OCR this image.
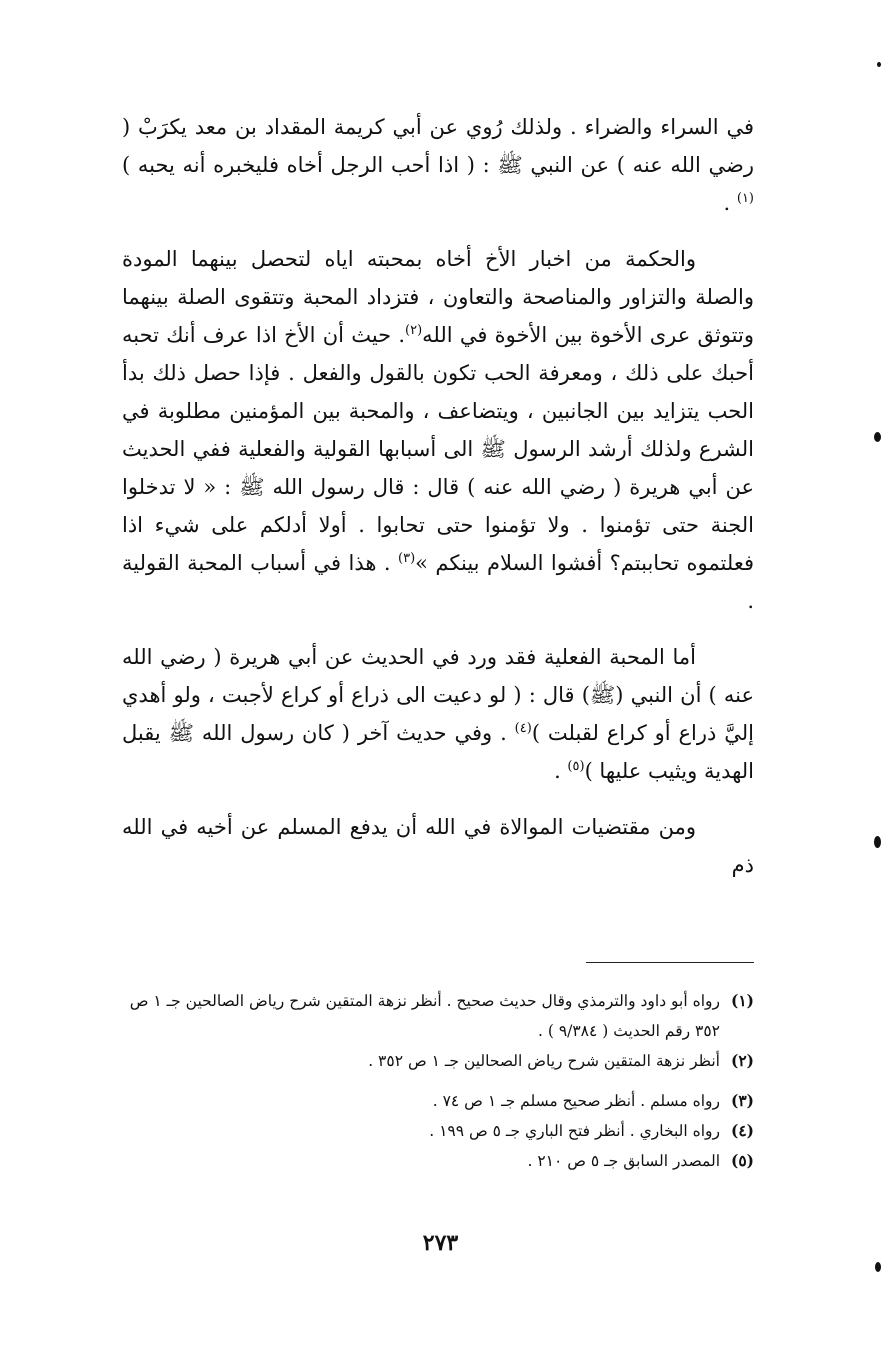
في السراء والضراء . ولذلك رُوي عن أبي كريمة المقداد بن معد يكرَبْ ( رضي الله عنه ) عن النبي ﷺ : ( اذا أحب الرجل أخاه فليخبره أنه يحبه )$^{(١)}$ .

والحكمة من اخبار الأخ أخاه بمحبته اياه لتحصل بينهما المودة والصلة والتزاور والمناصحة والتعاون ، فتزداد المحبة وتتقوى الصلة بينهما وتتوثق عرى الأخوة بين الأخوة في الله$^{(٢)}$. حيث أن الأخ اذا عرف أنك تحبه أحبك على ذلك ، ومعرفة الحب تكون بالقول والفعل . فإذا حصل ذلك بدأ الحب يتزايد بين الجانبين ، ويتضاعف ، والمحبة بين المؤمنين مطلوبة في الشرع ولذلك أرشد الرسول ﷺ الى أسبابها القولية والفعلية ففي الحديث عن أبي هريرة ( رضي الله عنه ) قال : قال رسول الله ﷺ : « لا تدخلوا الجنة حتى تؤمنوا . ولا تؤمنوا حتى تحابوا . أولا أدلكم على شيء اذا فعلتموه تحاببتم؟ أفشوا السلام بينكم »$^{(٣)}$ . هذا في أسباب المحبة القولية .

أما المحبة الفعلية فقد ورد في الحديث عن أبي هريرة ( رضي الله عنه ) أن النبي (ﷺ) قال : ( لو دعيت الى ذراع أو كراع لأجبت ، ولو أهدي إليَّ ذراع أو كراع لقبلت )$^{(٤)}$ . وفي حديث آخر ( كان رسول الله ﷺ يقبل الهدية ويثيب عليها )$^{(٥)}$ .

ومن مقتضيات الموالاة في الله أن يدفع المسلم عن أخيه في الله ذم

(١)
رواه أبو داود والترمذي وقال حديث صحيح . أنظر نزهة المتقين شرح رياض الصالحين جـ ١ ص ٣٥٢ رقم الحديث ( ٩/٣٨٤ ) .
(٢)
أنظر نزهة المتقين شرح رياض الصحالين جـ ١ ص ٣٥٢ .
(٣)
رواه مسلم . أنظر صحيح مسلم جـ ١ ص ٧٤ .
(٤)
رواه البخاري . أنظر فتح الباري جـ ٥ ص ١٩٩ .
(٥)
المصدر السابق جـ ٥ ص ٢١٠ .
٢٧٣
